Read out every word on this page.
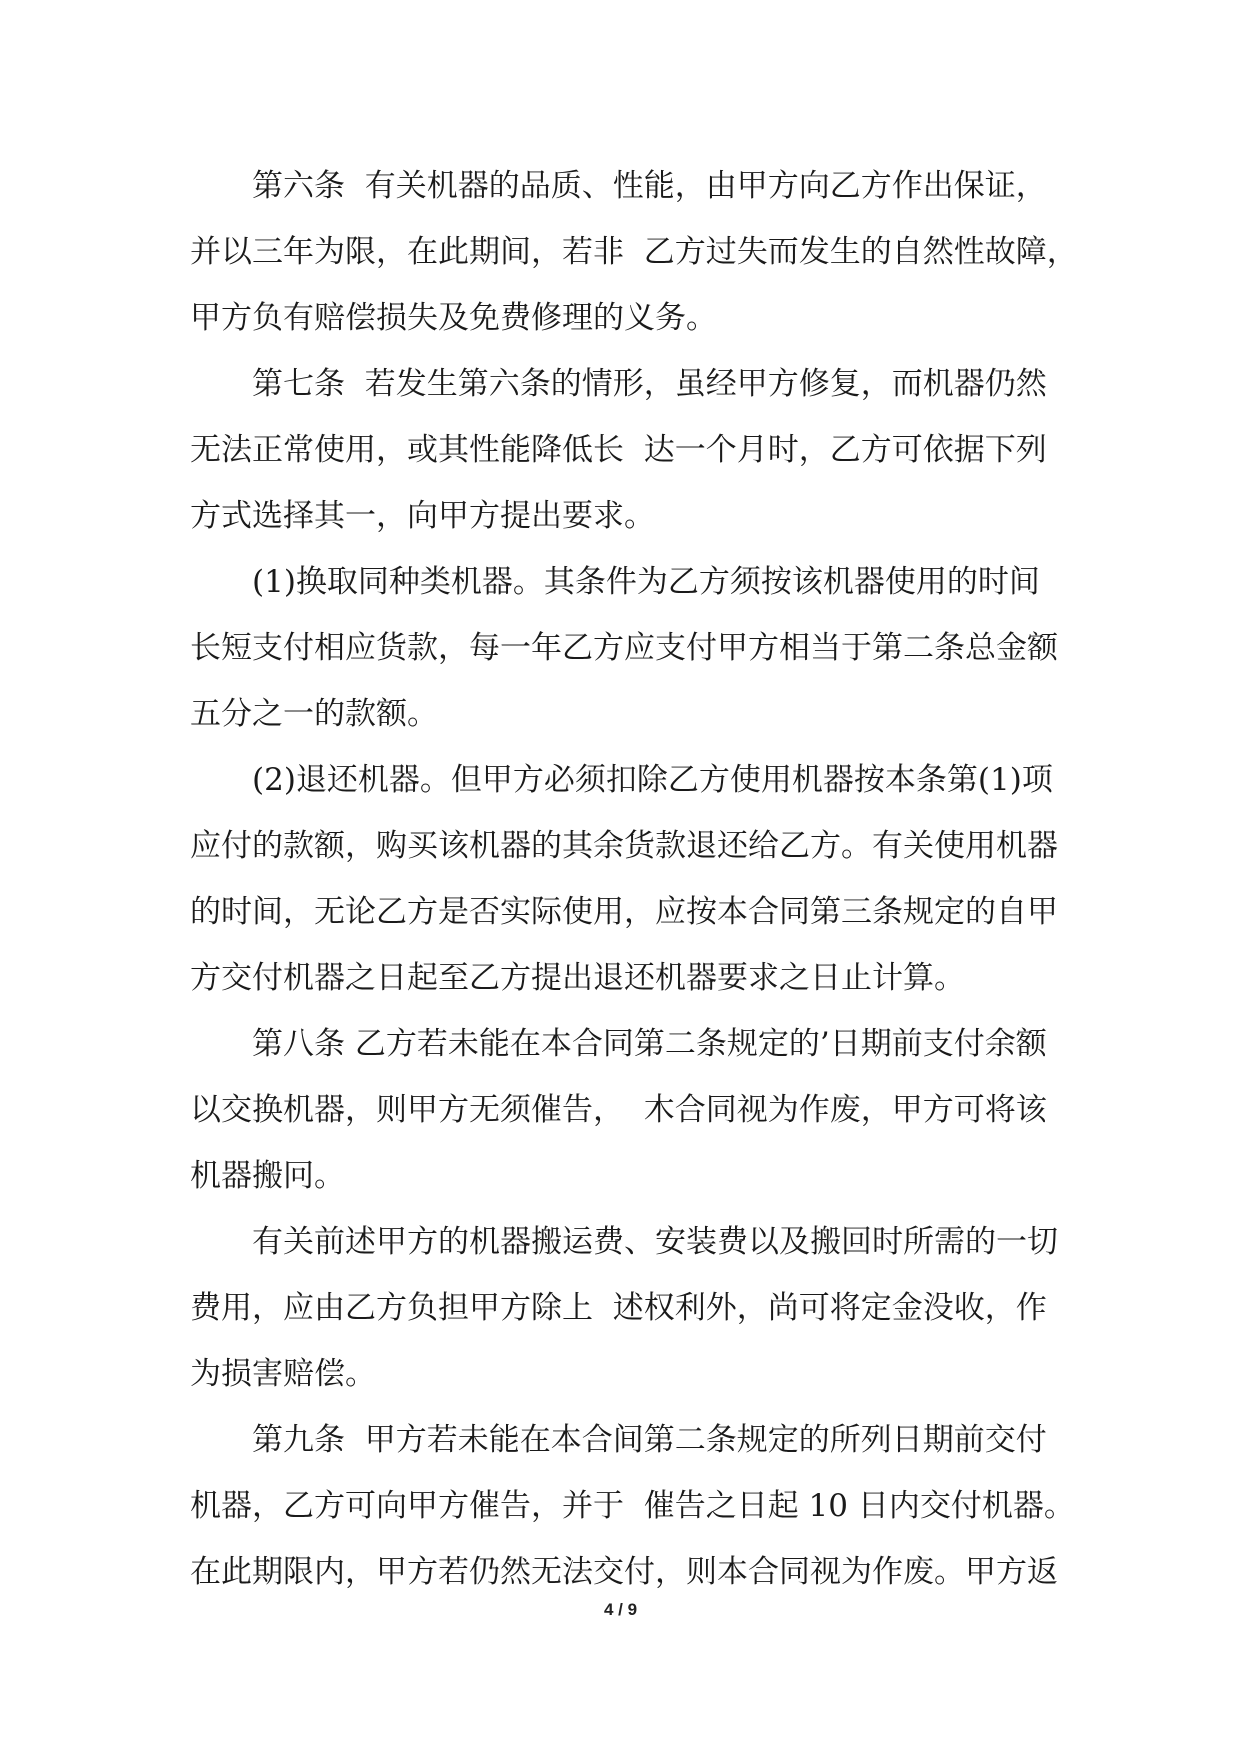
第六条  有关机器的品质、性能，由甲方向乙方作出保证，
并以三年为限，在此期间，若非  乙方过失而发生的自然性故障，
甲方负有赔偿损失及免费修理的义务。
第七条  若发生第六条的情形，虽经甲方修复，而机器仍然
无法正常使用，或其性能降低长  达一个月时，乙方可依据下列
方式选择其一，向甲方提出要求。
(1)换取同种类机器。其条件为乙方须按该机器使用的时间
长短支付相应货款，每一年乙方应支付甲方相当于第二条总金额
五分之一的款额。
(2)退还机器。但甲方必须扣除乙方使用机器按本条第(1)项
应付的款额，购买该机器的其余货款退还给乙方。有关使用机器
的时间，无论乙方是否实际使用，应按本合同第三条规定的自甲
方交付机器之日起至乙方提出退还机器要求之日止计算。
第八条 乙方若未能在本合同第二条规定的’日期前支付余额
以交换机器，则甲方无须催告，  木合同视为作废，甲方可将该
机器搬冋。
有关前述甲方的机器搬运费、安装费以及搬回时所需的一切
费用，应由乙方负担甲方除上  述权利外，尚可将定金没收，作
为损害赔偿。
第九条  甲方若未能在本合间第二条规定的所列日期前交付
机器，乙方可向甲方催告，并于  催告之日起 10 日内交付机器。
在此期限内，甲方若仍然无法交付，则本合同视为作废。甲方返
4 / 9
